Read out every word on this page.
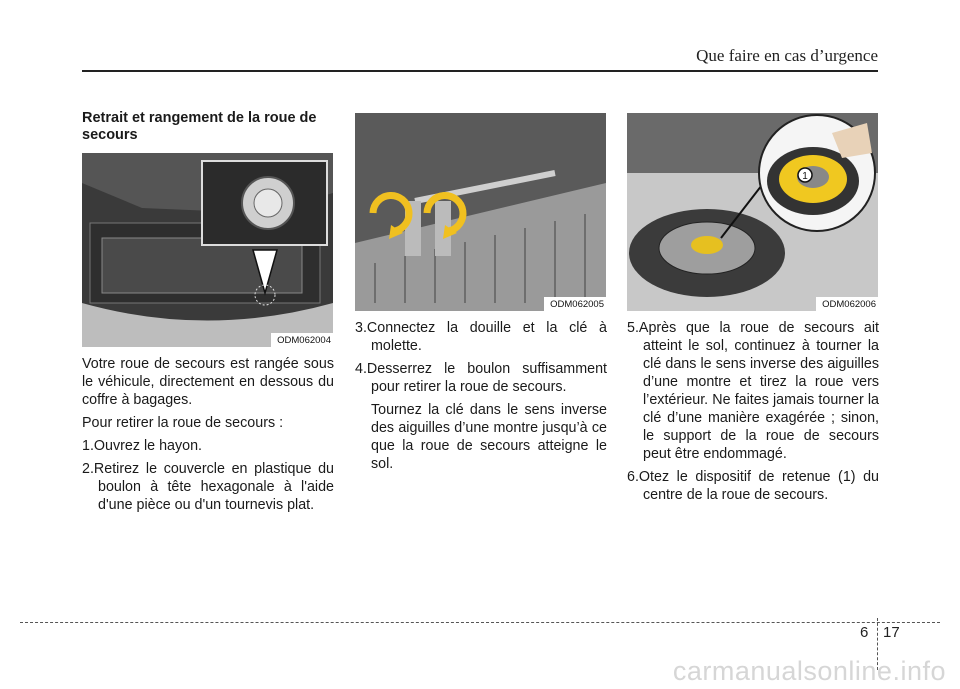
Que faire en cas d’urgence
Retrait et rangement de la roue de secours
ODM062004

Votre roue de secours est rangée sous le véhicule, directement en dessous du coffre à bagages.

Pour retirer la roue de secours :

1.Ouvrez le hayon.

2.Retirez le couvercle en plastique du boulon à tête hexagonale à l'aide d'une pièce ou d'un tournevis plat.

ODM062005

3.Connectez la douille et la clé à molette.

4.Desserrez le boulon suffisamment pour retirer la roue de secours.

Tournez la clé dans le sens inverse des aiguilles d’une montre jusqu’à ce que la roue de secours atteigne le sol.

1
ODM062006

5.Après que la roue de secours ait atteint le sol, continuez à tourner la clé dans le sens inverse des aiguilles d’une montre et tirez la roue vers l’extérieur. Ne faites jamais tourner la clé d’une manière exagérée ; sinon, le support de la roue de secours peut être endommagé.

6.Otez le dispositif de retenue (1) du centre de la roue de secours.

6 17
carmanualsonline.info
